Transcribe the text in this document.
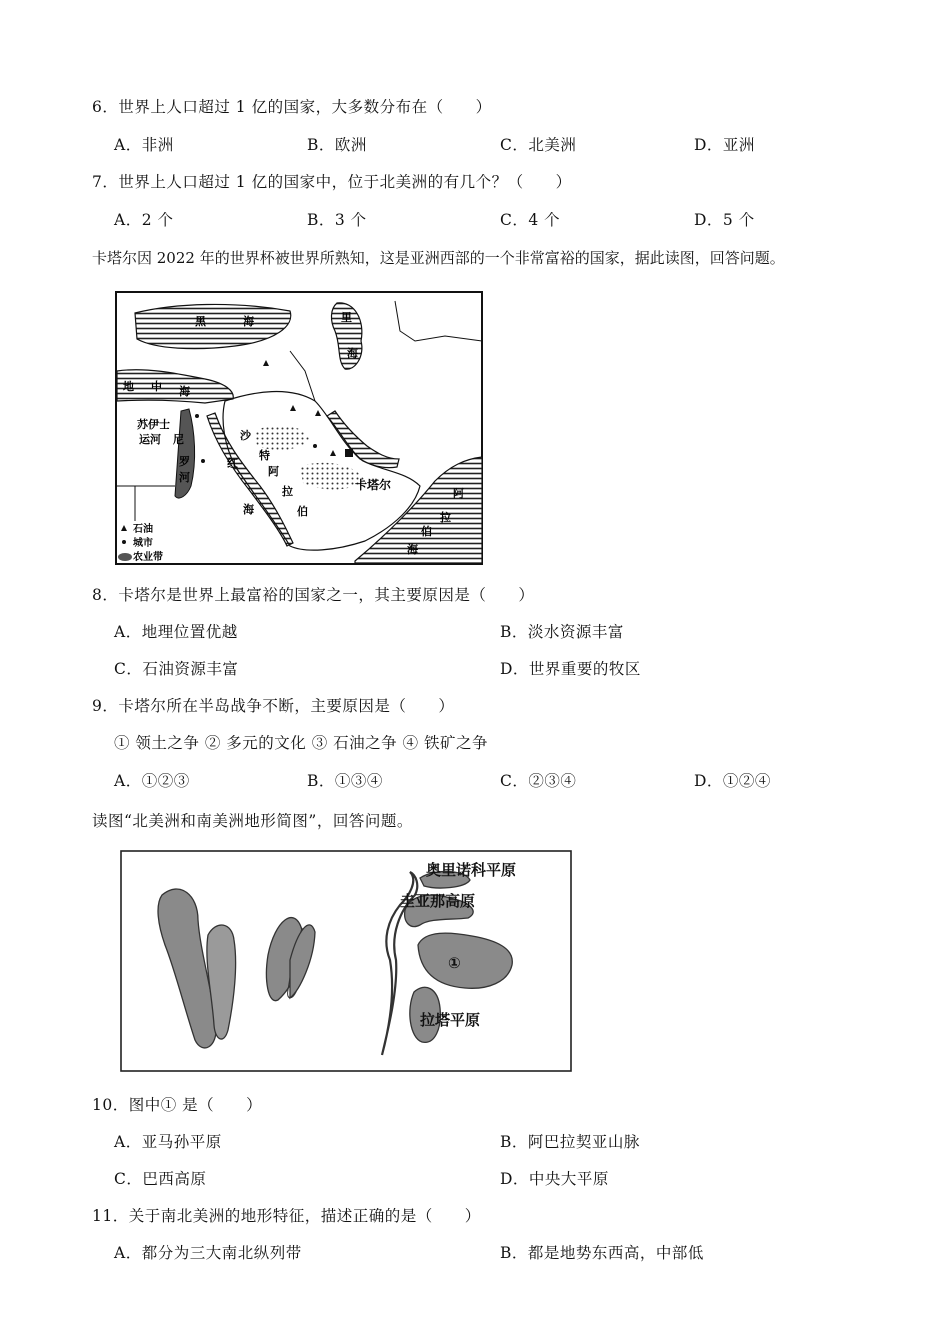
6．世界上人口超过 1 亿的国家，大多数分布在（　　）
A．非洲	B．欧洲	C．北美洲	D．亚洲
7．世界上人口超过 1 亿的国家中，位于北美洲的有几个？（　　）
A．2 个	B．3 个	C．4 个	D．5 个
卡塔尔因 2022 年的世界杯被世界所熟知，这是亚洲西部的一个非常富裕的国家，据此读图，回答问题。
黑	海	里
海
地 中 海
苏伊士
运河 尼
罗
河
红
海
沙
特
阿
拉
伯
卡塔尔
阿
拉
伯
海
石油
城市
农业带
8．卡塔尔是世界上最富裕的国家之一，其主要原因是（　　）
A．地理位置优越	B．淡水资源丰富
C．石油资源丰富	D．世界重要的牧区
9．卡塔尔所在半岛战争不断，主要原因是（　　）
① 领土之争 ② 多元的文化 ③ 石油之争 ④ 铁矿之争
A．①②③	B．①③④	C．②③④	D．①②④
读图“北美洲和南美洲地形简图”，回答问题。
奥里诺科平原
圭亚那高原
①
拉塔平原
10．图中① 是（　　）
A．亚马孙平原	B．阿巴拉契亚山脉
C．巴西高原	D．中央大平原
11．关于南北美洲的地形特征，描述正确的是（　　）
A．都分为三大南北纵列带	B．都是地势东西高，中部低
